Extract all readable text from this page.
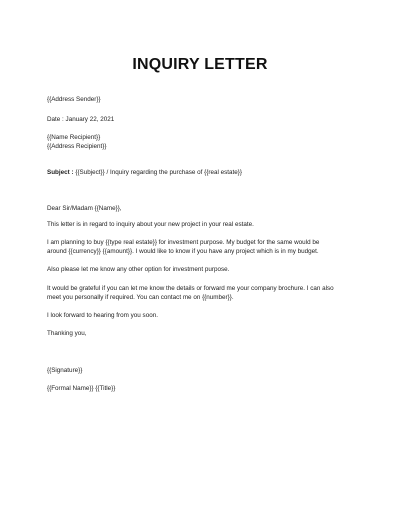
INQUIRY LETTER
{{Address Sender}}
Date : January 22, 2021
{{Name Recipient}}
{{Address Recipient}}
Subject : {{Subject}} / Inquiry regarding the purchase of {{real estate}}
Dear Sir/Madam {{Name}},
This letter is in regard to inquiry about your new project in your real estate.
I am planning to buy {{type real estate}} for investment purpose. My budget for the same would be
around {{currency}} {{amount}}. I would like to know if you have any project which is in my budget.
Also please let me know any other option for investment purpose.
It would be grateful if you can let me know the details or forward me your company brochure. I can also
meet you personally if required. You can contact me on {{number}}.
I look forward to hearing from you soon.
Thanking you,
{{Signature}}
{{Formal Name}} {{Title}}
